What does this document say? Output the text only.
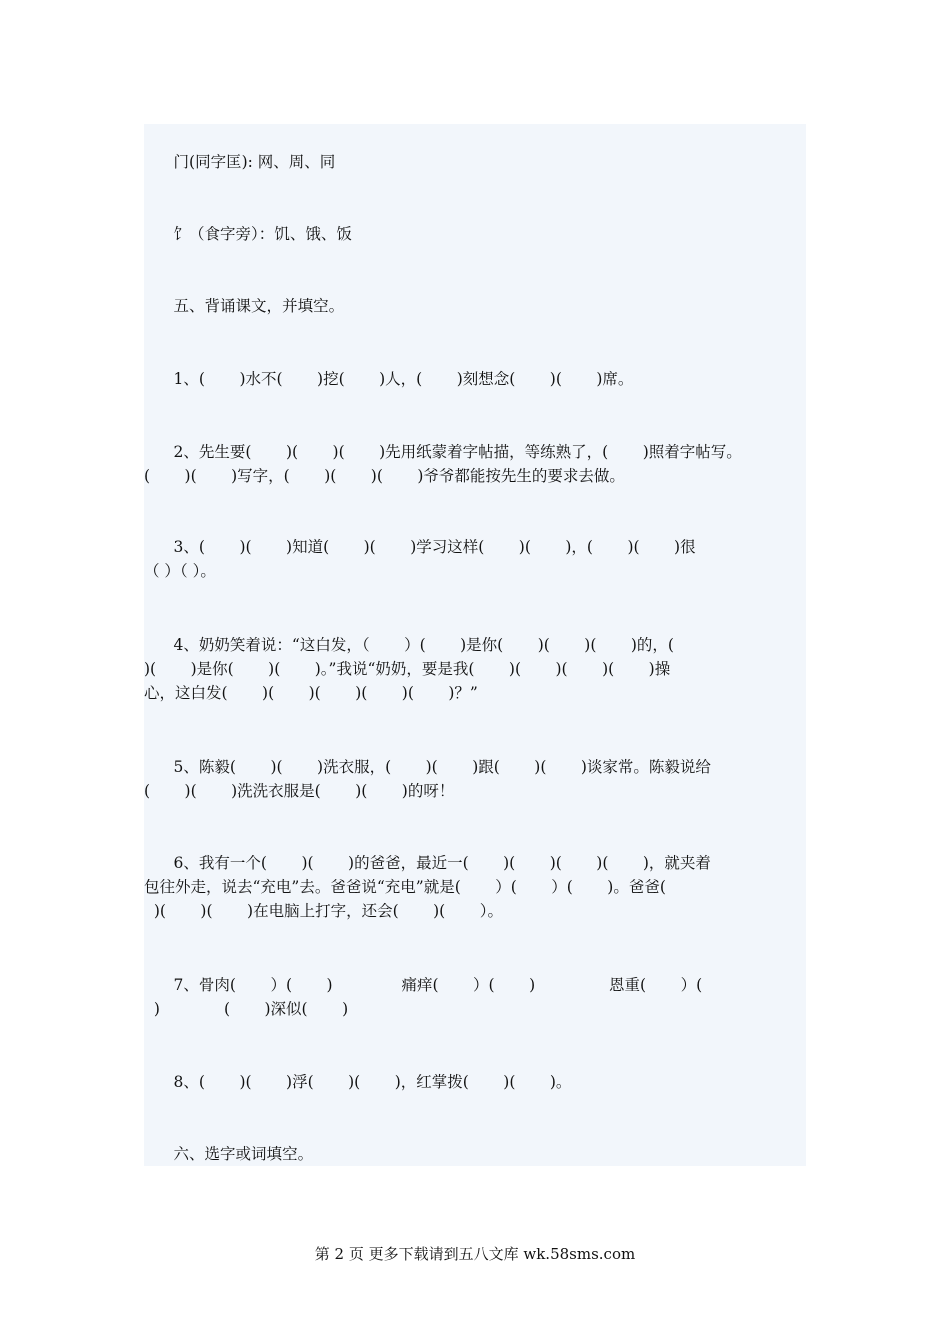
门(同字匡): 网、周、同

饣（食字旁）：饥、饿、饭

五、背诵课文，并填空。

1、(       )水不(       )挖(       )人，(       )刻想念(       )(       )席。

2、先生要(       )(       )(       )先用纸蒙着字帖描，等练熟了，(       )照着字帖写。

(       )(       )写字，(       )(       )(       )爷爷都能按先生的要求去做。

3、(       )(       )知道(       )(       )学习这样(       )(       )，(       )(       )很

（ ）（ ）。

4、奶奶笑着说：“这白发，（       ）(       )是你(       )(       )(       )的，(

)(       )是你(       )(       )。”我说“奶奶，要是我(       )(       )(       )(       )操

心，这白发(       )(       )(       )(       )(       )？”

5、陈毅(       )(       )洗衣服，(       )(       )跟(       )(       )谈家常。陈毅说给

(       )(       )洗洗衣服是(       )(       )的呀！

6、我有一个(       )(       )的爸爸，最近一(       )(       )(       )(       )，就夹着

包往外走，说去“充电”去。爸爸说“充电”就是(       ）(       ）(       )。爸爸(

)(       )(       )在电脑上打字，还会(       )(       ）。

7、骨肉(       ）(       )              痛痒(       ）(       )               恩重(       ）(

)             (       )深似(       )

8、(       )(       )浮(       )(       )，红掌拨(       )(       )。

六、选字或词填空。

第 2 页 更多下载请到五八文库 wk.58sms.com
